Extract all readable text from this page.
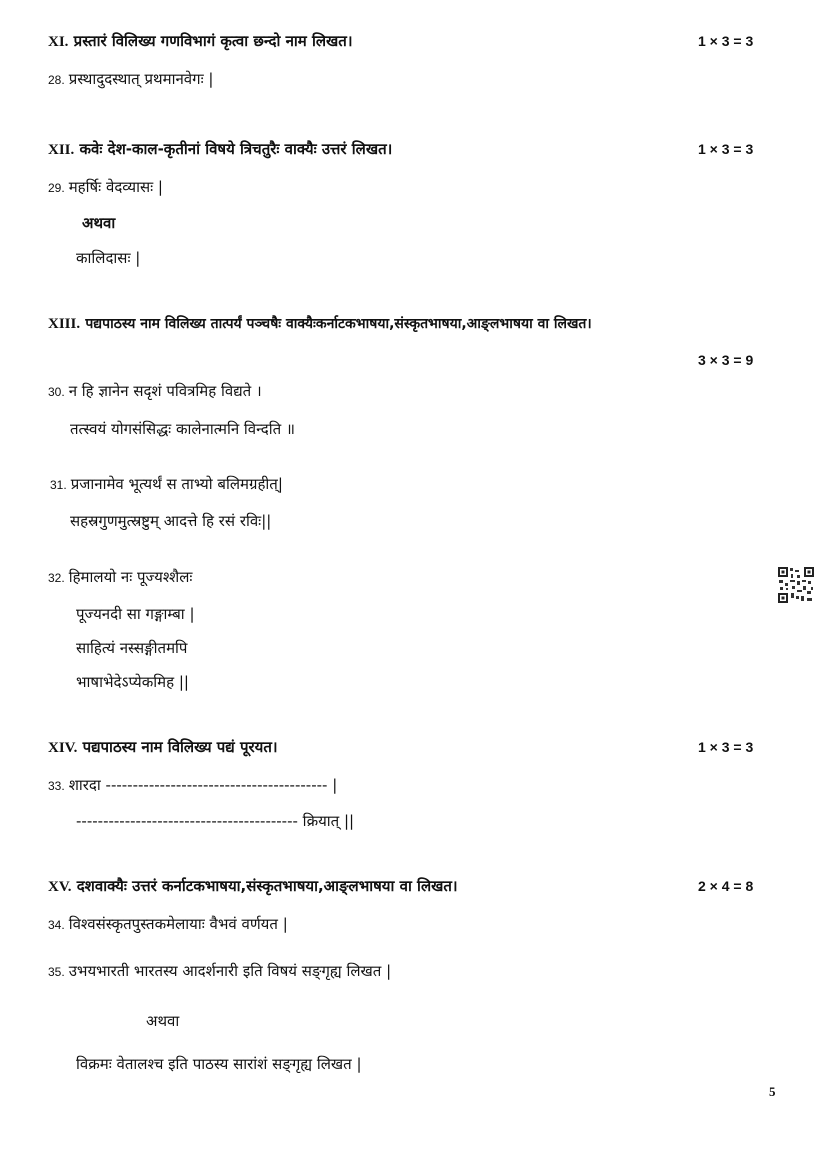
XI. प्रस्तारं विलिख्य गणविभागं कृत्वा छन्दो नाम लिखत।	1 × 3 = 3
28. प्रस्थादुदस्थात् प्रथमानवेगः |
XII. कवेः देश-काल-कृतीनां विषये त्रिचतुरैः वाक्यैः उत्तरं लिखत।	1 × 3 = 3
29. महर्षिः वेदव्यासः |
अथवा
कालिदासः |
XIII. पद्यपाठस्य नाम विलिख्य तात्पर्यं पञ्चषैः वाक्यैःकर्नाटकभाषया,संस्कृतभाषया,आङ्लभाषया वा लिखत।
3 × 3 = 9
30. न हि ज्ञानेन सदृशं पवित्रमिह विद्यते ।
तत्स्वयं योगसंसिद्धः कालेनात्मनि विन्दति ॥
31. प्रजानामेव भूत्यर्थं स ताभ्यो बलिमग्रहीत्|
सहस्रगुणमुत्स्रष्टुम् आदत्ते हि रसं रविः||
32. हिमालयो नः पूज्यश्शैलः
पूज्यनदी सा गङ्गाम्बा |
साहित्यं नस्सङ्गीतमपि
भाषाभेदेऽप्येकमिह ||
XIV. पद्यपाठस्य नाम विलिख्य पद्यं पूरयत।	1 × 3 = 3
33. शारदा ----------------------------------------- |
----------------------------------------- क्रियात् ||
XV. दशवाक्यैः उत्तरं कर्नाटकभाषया,संस्कृतभाषया,आङ्लभाषया वा लिखत।	2 × 4 = 8
34. विश्वसंस्कृतपुस्तकमेलायाः वैभवं वर्णयत |
35. उभयभारती भारतस्य आदर्शनारी इति विषयं सङ्गृह्य लिखत |
अथवा
विक्रमः वेतालश्च इति पाठस्य सारांशं सङ्गृह्य लिखत |
5
